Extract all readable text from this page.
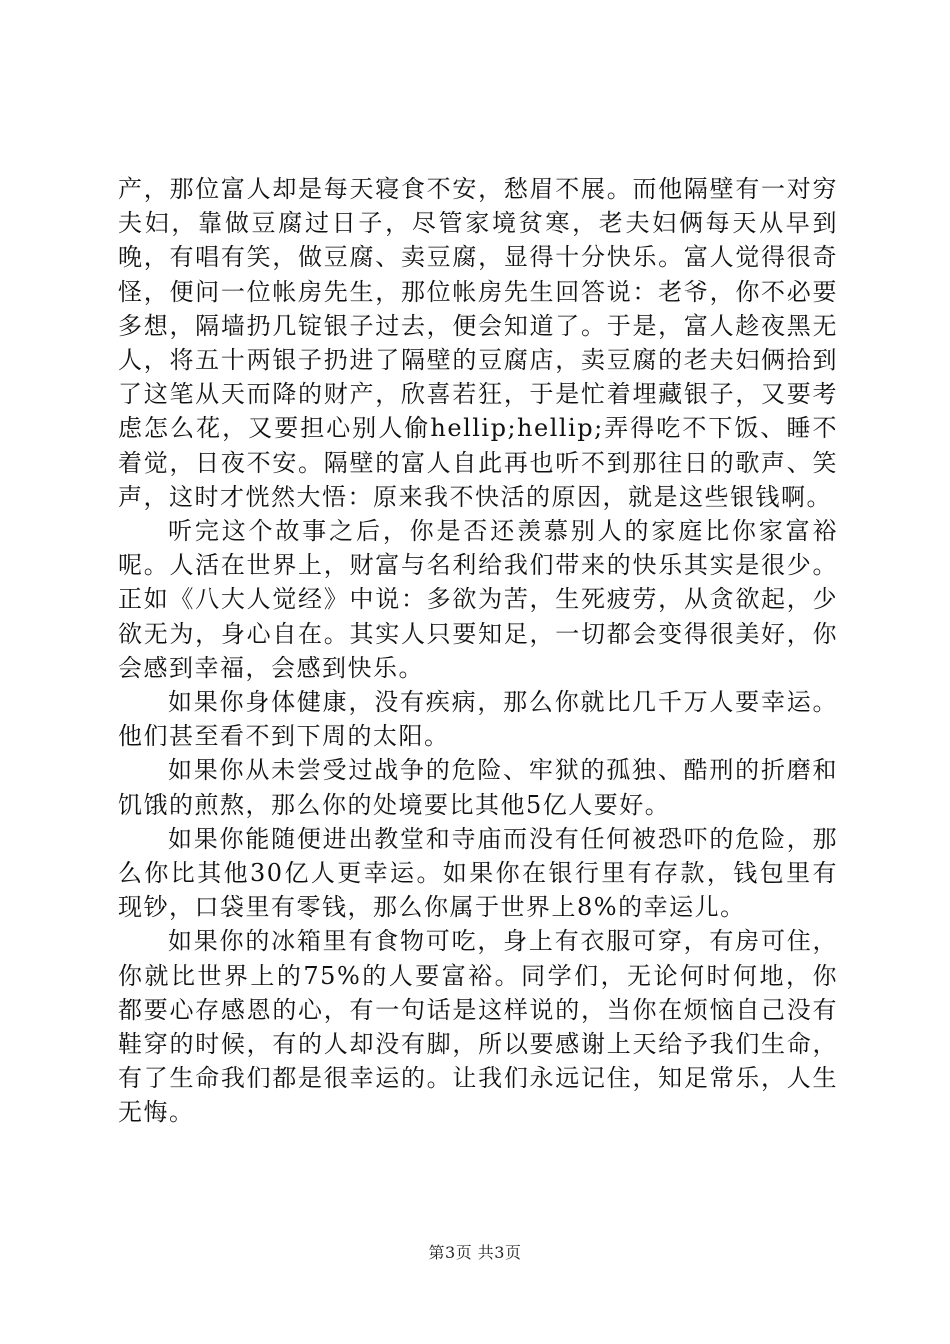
产，那位富人却是每天寝食不安，愁眉不展。而他隔壁有一对穷夫妇，靠做豆腐过日子，尽管家境贫寒，老夫妇俩每天从早到晚，有唱有笑，做豆腐、卖豆腐，显得十分快乐。富人觉得很奇怪，便问一位帐房先生，那位帐房先生回答说：老爷，你不必要多想，隔墙扔几锭银子过去，便会知道了。于是，富人趁夜黑无人，将五十两银子扔进了隔壁的豆腐店，卖豆腐的老夫妇俩拾到了这笔从天而降的财产，欣喜若狂，于是忙着埋藏银子，又要考虑怎么花，又要担心别人偷hellip;hellip;弄得吃不下饭、睡不着觉，日夜不安。隔壁的富人自此再也听不到那往日的歌声、笑声，这时才恍然大悟：原来我不快活的原因，就是这些银钱啊。

听完这个故事之后，你是否还羡慕别人的家庭比你家富裕呢。人活在世界上，财富与名利给我们带来的快乐其实是很少。正如《八大人觉经》中说：多欲为苦，生死疲劳，从贪欲起，少欲无为，身心自在。其实人只要知足，一切都会变得很美好，你会感到幸福，会感到快乐。

如果你身体健康，没有疾病，那么你就比几千万人要幸运。他们甚至看不到下周的太阳。

如果你从未尝受过战争的危险、牢狱的孤独、酷刑的折磨和饥饿的煎熬，那么你的处境要比其他5亿人要好。

如果你能随便进出教堂和寺庙而没有任何被恐吓的危险，那么你比其他30亿人更幸运。如果你在银行里有存款，钱包里有现钞，口袋里有零钱，那么你属于世界上8%的幸运儿。

如果你的冰箱里有食物可吃，身上有衣服可穿，有房可住，你就比世界上的75%的人要富裕。同学们，无论何时何地，你都要心存感恩的心，有一句话是这样说的，当你在烦恼自己没有鞋穿的时候，有的人却没有脚，所以要感谢上天给予我们生命，有了生命我们都是很幸运的。让我们永远记住，知足常乐，人生无悔。

第3页 共3页
